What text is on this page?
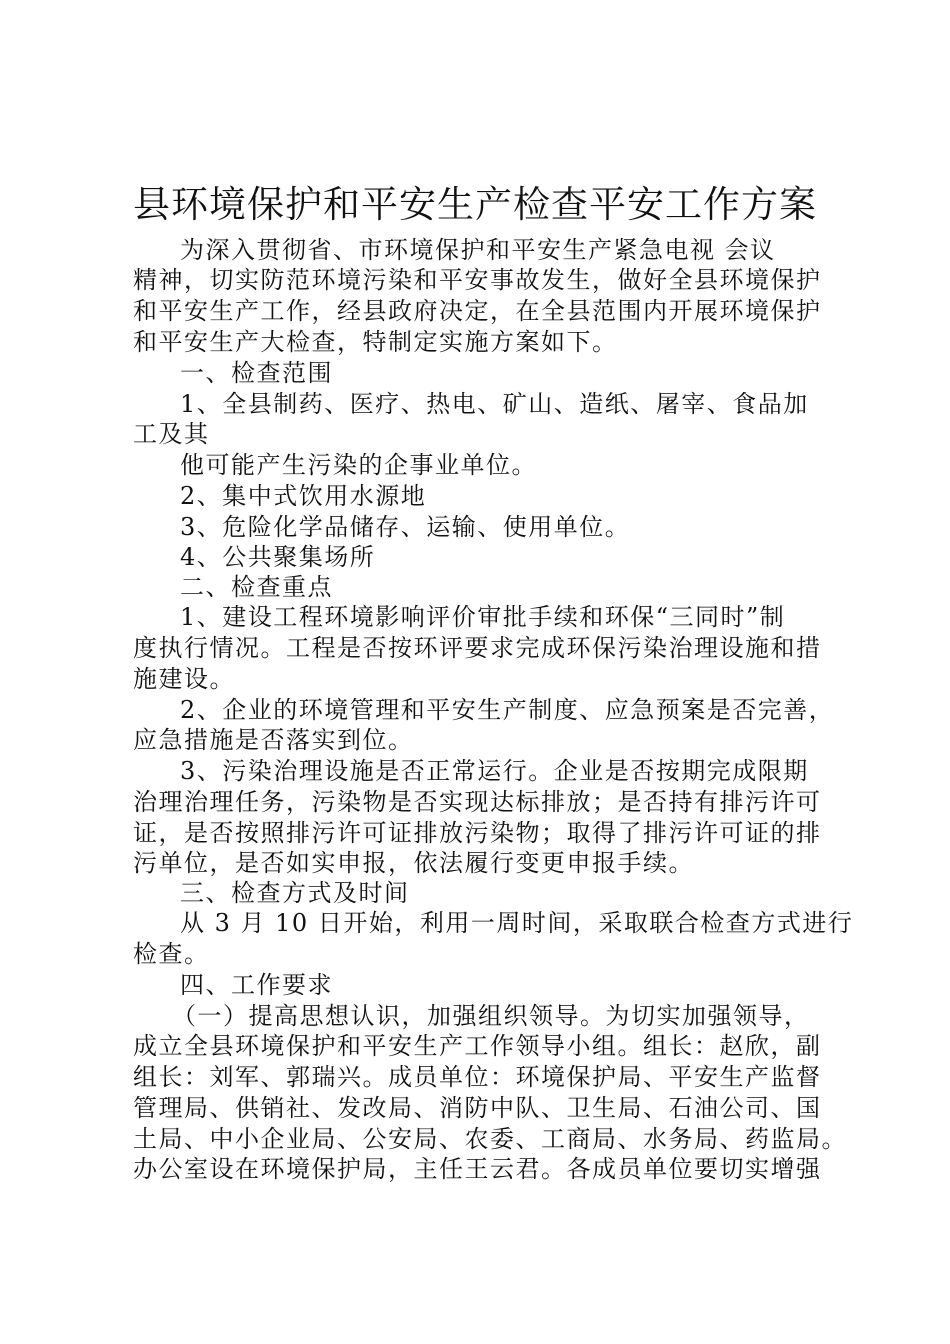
县环境保护和平安生产检查平安工作方案

为深入贯彻省、市环境保护和平安生产紧急电视 会议

精神，切实防范环境污染和平安事故发生，做好全县环境保护

和平安生产工作，经县政府决定，在全县范围内开展环境保护

和平安生产大检查，特制定实施方案如下。

一、检查范围

1、全县制药、医疗、热电、矿山、造纸、屠宰、食品加

工及其

他可能产生污染的企事业单位。

2、集中式饮用水源地

3、危险化学品储存、运输、使用单位。

4、公共聚集场所

二、检查重点

1、建设工程环境影响评价审批手续和环保“三同时”制

度执行情况。工程是否按环评要求完成环保污染治理设施和措

施建设。

2、企业的环境管理和平安生产制度、应急预案是否完善，

应急措施是否落实到位。

3、污染治理设施是否正常运行。企业是否按期完成限期

治理治理任务，污染物是否实现达标排放；是否持有排污许可

证，是否按照排污许可证排放污染物；取得了排污许可证的排

污单位，是否如实申报，依法履行变更申报手续。

三、检查方式及时间

从 3 月 10 日开始，利用一周时间，采取联合检查方式进行

检查。

四、工作要求

（一）提高思想认识，加强组织领导。为切实加强领导，

成立全县环境保护和平安生产工作领导小组。组长：赵欣，副

组长：刘军、郭瑞兴。成员单位：环境保护局、平安生产监督

管理局、供销社、发改局、消防中队、卫生局、石油公司、国

土局、中小企业局、公安局、农委、工商局、水务局、药监局。

办公室设在环境保护局，主任王云君。各成员单位要切实增强
